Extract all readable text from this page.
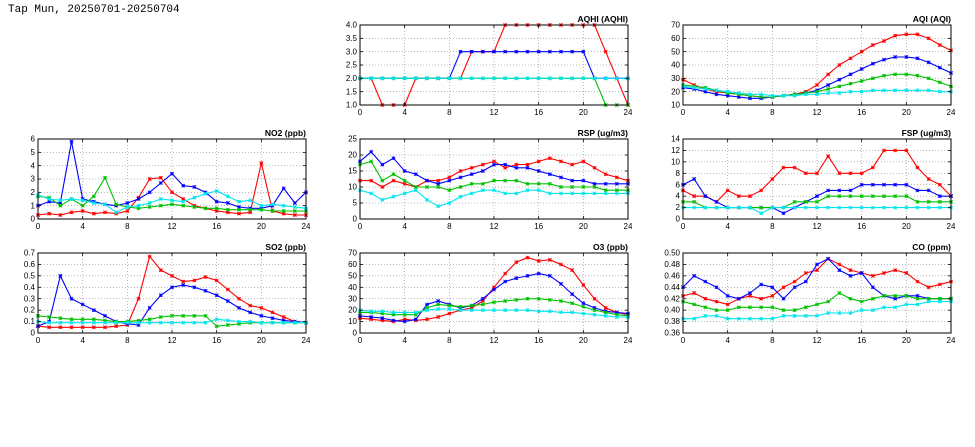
Tap Mun, 20250701-20250704
1.0
1.5
2.0
2.5
3.0
3.5
4.0
0	4	8	12	16	20	24
AQHI (AQHI)
10
20
30
40
50
60
70
0	4	8	12	16	20	24
AQI (AQI)
0
1
2
3
4
5
6
0	4	8	12	16	20	24
NO2 (ppb)
0
5
10
15
20
25
0	4	8	12	16	20	24
RSP (ug/m3)
0
2
4
6
8
10
12
14
0	4	8	12	16	20	24
FSP (ug/m3)
0
0.1
0.2
0.3
0.4
0.5
0.6
0.7
0	4	8	12	16	20	24
SO2 (ppb)
0
10
20
30
40
50
60
70
0	4	8	12	16	20	24
O3 (ppb)
0.36
0.38
0.40
0.42
0.44
0.46
0.48
0.50
0	4	8	12	16	20	24
CO (ppm)
